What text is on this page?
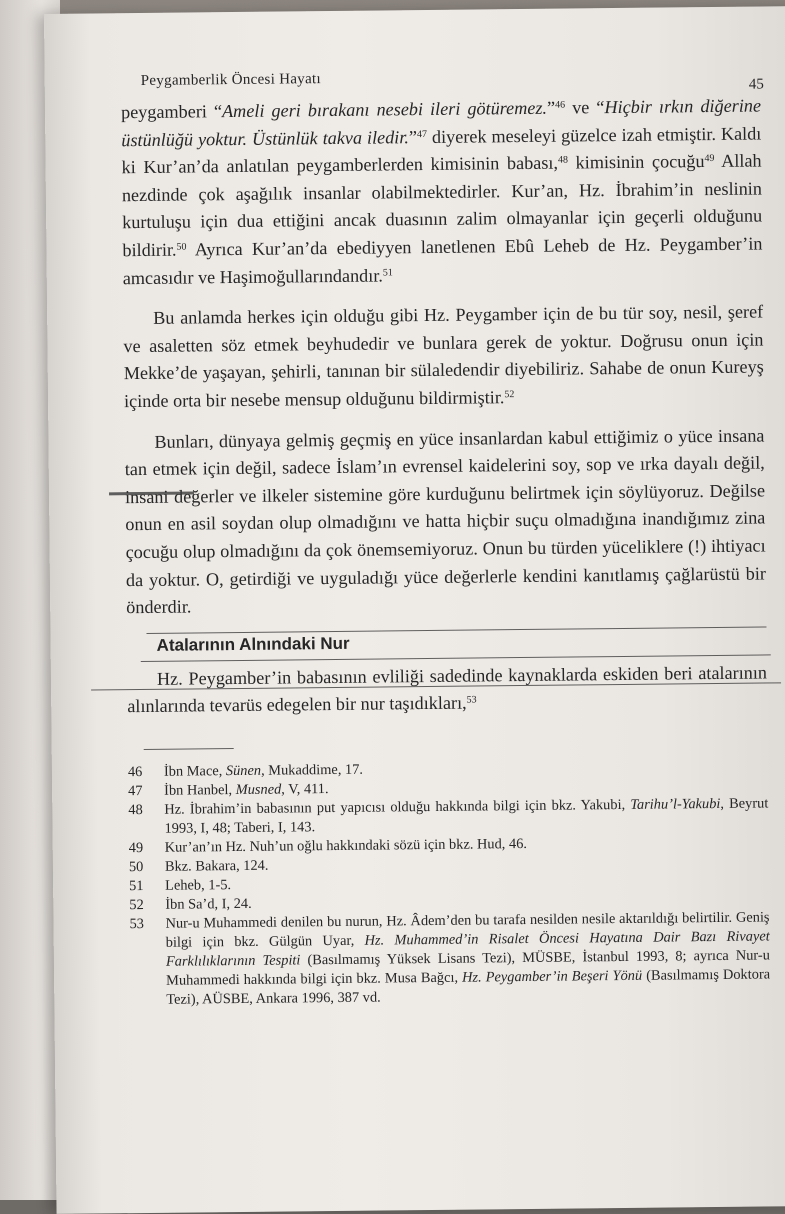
Peygamberlik Öncesi Hayatı	45

peygamberi “Ameli geri bırakanı nesebi ileri götüremez.”$^{46}$ ve “Hiçbir ırkın diğerine üstünlüğü yoktur. Üstünlük takva iledir.”$^{47}$ diyerek meseleyi güzelce izah etmiştir. Kaldı ki Kur’an’da anlatılan peygamberlerden kimisinin babası,$^{48}$ kimisinin çocuğu$^{49}$ Allah nezdinde çok aşağılık insanlar olabilmektedirler. Kur’an, Hz. İbrahim’in neslinin kurtuluşu için dua ettiğini ancak duasının zalim olmayanlar için geçerli olduğunu bildirir.$^{50}$ Ayrıca Kur’an’da ebediyyen lanetlenen Ebû Leheb de Hz. Peygamber’in amcasıdır ve Haşimoğullarındandır.$^{51}$

Bu anlamda herkes için olduğu gibi Hz. Peygamber için de bu tür soy, nesil, şeref ve asaletten söz etmek beyhudedir ve bunlara gerek de yoktur. Doğrusu onun için Mekke’de yaşayan, şehirli, tanınan bir sülaledendir diyebiliriz. Sahabe de onun Kureyş içinde orta bir nesebe mensup olduğunu bildirmiştir.$^{52}$

Bunları, dünyaya gelmiş geçmiş en yüce insanlardan kabul ettiğimiz o yüce insana tan etmek için değil, sadece İslam’ın evrensel kaidelerini soy, sop ve ırka dayalı değil, insani değerler ve ilkeler sistemine göre kurduğunu belirtmek için söylüyoruz. Değilse onun en asil soydan olup olmadığını ve hatta hiçbir suçu olmadığına inandığımız zina çocuğu olup olmadığını da çok önemsemiyoruz. Onun bu türden yüceliklere (!) ihtiyacı da yoktur. O, getirdiği ve uyguladığı yüce değerlerle kendini kanıtlamış çağlarüstü bir önderdir.

Atalarının Alnındaki Nur

Hz. Peygamber’in babasının evliliği sadedinde kaynaklarda eskiden beri atalarının alınlarında tevarüs edegelen bir nur taşıdıkları,$^{53}$

46	İbn Mace, Sünen, Mukaddime, 17.
47	İbn Hanbel, Musned, V, 411.
48	Hz. İbrahim’in babasının put yapıcısı olduğu hakkında bilgi için bkz. Yakubi, Tarihu’l-Yakubi, Beyrut 1993, I, 48; Taberi, I, 143.
49	Kur’an’ın Hz. Nuh’un oğlu hakkındaki sözü için bkz. Hud, 46.
50	Bkz. Bakara, 124.
51	Leheb, 1-5.
52	İbn Sa’d, I, 24.
53	Nur-u Muhammedi denilen bu nurun, Hz. Âdem’den bu tarafa nesilden nesile aktarıldığı belirtilir. Geniş bilgi için bkz. Gülgün Uyar, Hz. Muhammed’in Risalet Öncesi Hayatına Dair Bazı Rivayet Farklılıklarının Tespiti (Basılmamış Yüksek Lisans Tezi), MÜSBE, İstanbul 1993, 8; ayrıca Nur-u Muhammedi hakkında bilgi için bkz. Musa Bağcı, Hz. Peygamber’in Beşeri Yönü (Basılmamış Doktora Tezi), AÜSBE, Ankara 1996, 387 vd.
